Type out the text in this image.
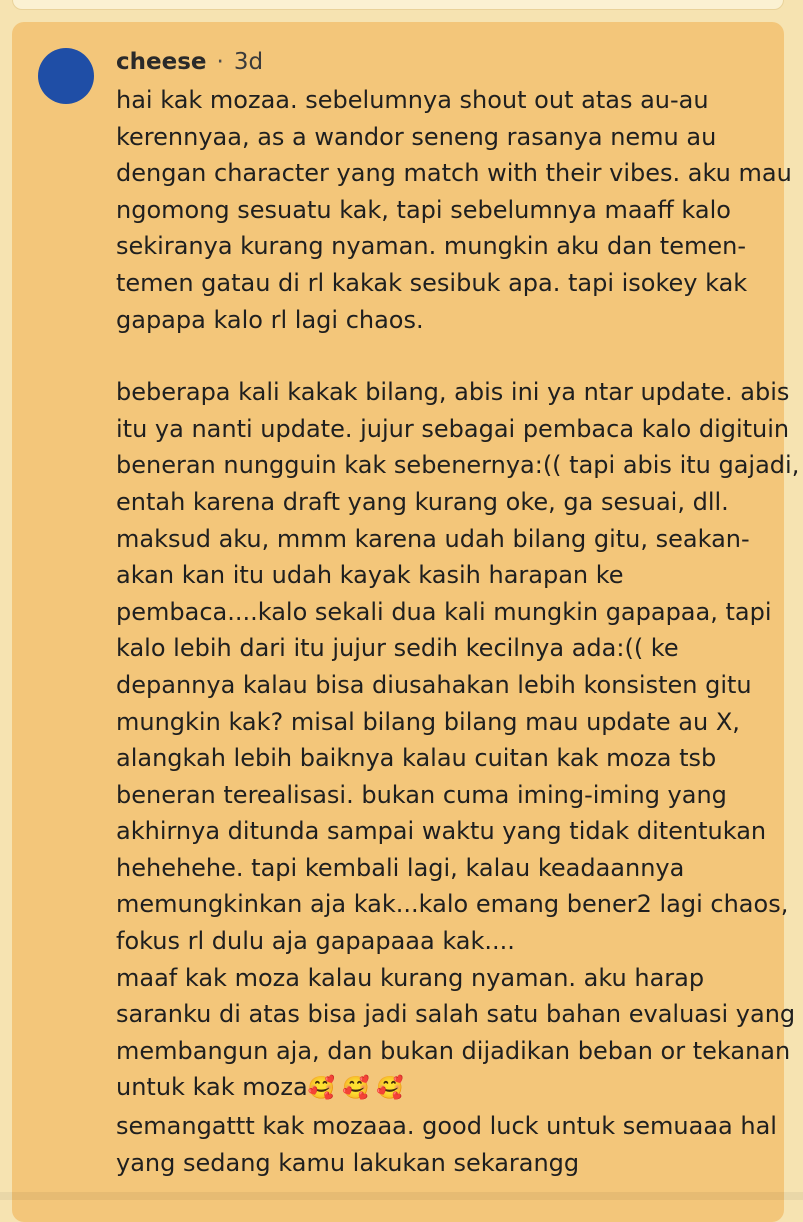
cheese · 3d
hai kak mozaa. sebelumnya shout out atas au-au
kerennyaa, as a wandor seneng rasanya nemu au
dengan character yang match with their vibes. aku mau
ngomong sesuatu kak, tapi sebelumnya maaff kalo
sekiranya kurang nyaman. mungkin aku dan temen-
temen gatau di rl kakak sesibuk apa. tapi isokey kak
gapapa kalo rl lagi chaos.
beberapa kali kakak bilang, abis ini ya ntar update. abis
itu ya nanti update. jujur sebagai pembaca kalo digituin
beneran nungguin kak sebenernya:(( tapi abis itu gajadi,
entah karena draft yang kurang oke, ga sesuai, dll.
maksud aku, mmm karena udah bilang gitu, seakan-
akan kan itu udah kayak kasih harapan ke
pembaca....kalo sekali dua kali mungkin gapapaa, tapi
kalo lebih dari itu jujur sedih kecilnya ada:(( ke
depannya kalau bisa diusahakan lebih konsisten gitu
mungkin kak? misal bilang bilang mau update au X,
alangkah lebih baiknya kalau cuitan kak moza tsb
beneran terealisasi. bukan cuma iming-iming yang
akhirnya ditunda sampai waktu yang tidak ditentukan
hehehehe. tapi kembali lagi, kalau keadaannya
memungkinkan aja kak...kalo emang bener2 lagi chaos,
fokus rl dulu aja gapapaaa kak....
maaf kak moza kalau kurang nyaman. aku harap
saranku di atas bisa jadi salah satu bahan evaluasi yang
membangun aja, dan bukan dijadikan beban or tekanan
untuk kak moza🥰 🥰 🥰
semangattt kak mozaaa. good luck untuk semuaaa hal
yang sedang kamu lakukan sekarangg
